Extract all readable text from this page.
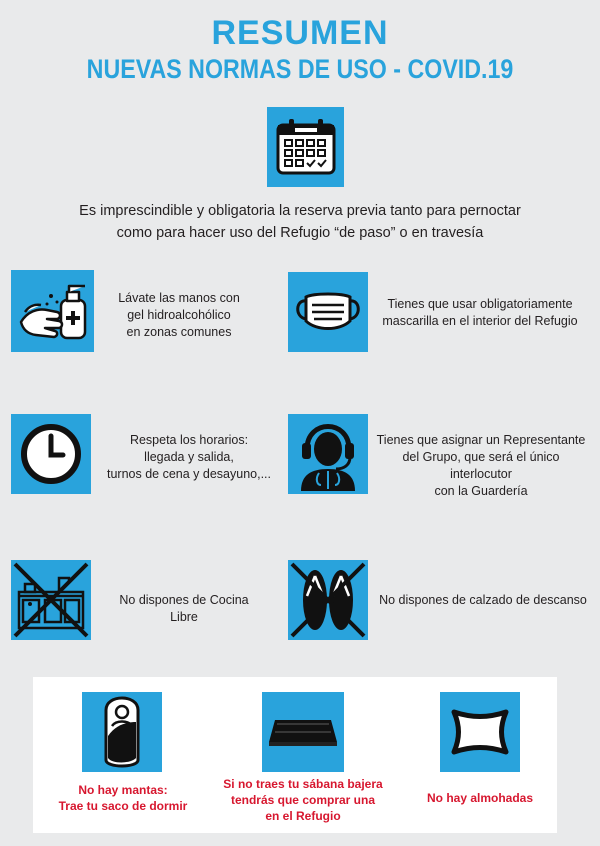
RESUMEN
NUEVAS NORMAS DE USO - COVID.19
Es imprescindible y obligatoria la reserva previa tanto para pernoctar
como para hacer uso del Refugio “de paso” o en travesía
Lávate las manos con
gel hidroalcohólico
en zonas comunes
Tienes que usar obligatoriamente
mascarilla en el interior del Refugio
Respeta los horarios:
llegada y salida,
turnos de cena y desayuno,...
Tienes que asignar un Representante
del Grupo, que será el único interlocutor
con la Guardería
No dispones de Cocina Libre
No dispones de calzado de descanso
No hay mantas:
Trae tu saco de dormir
Si no traes tu sábana bajera
tendrás que comprar una
en el Refugio
No hay almohadas
